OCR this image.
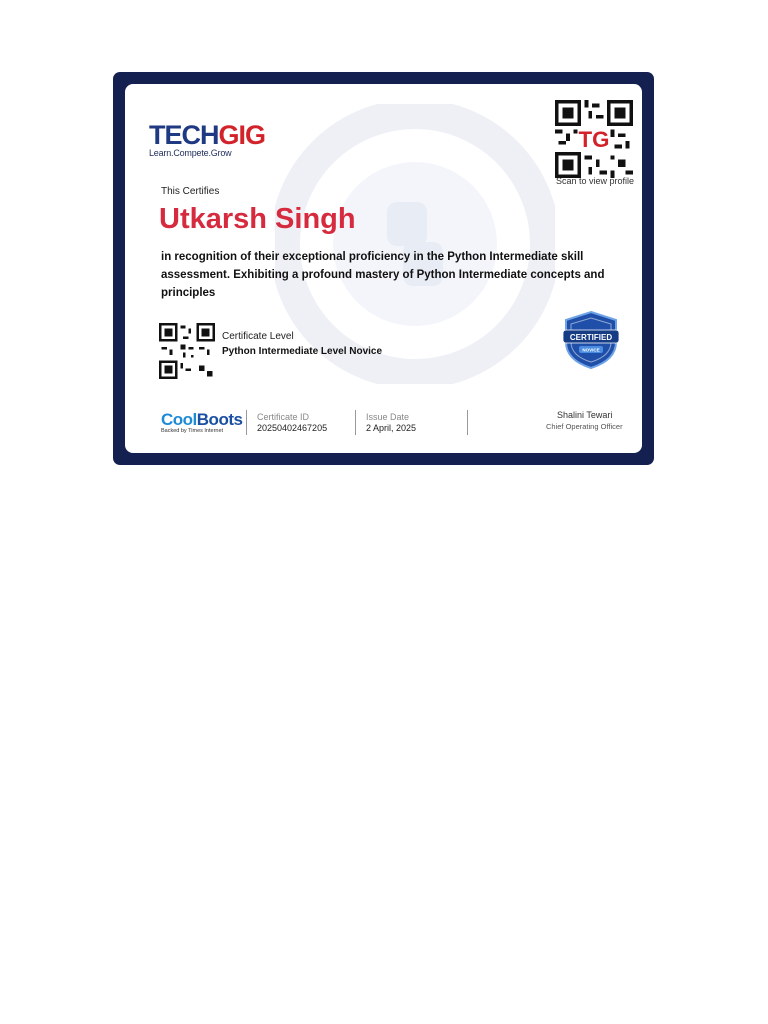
TECHGIG
Learn.Compete.Grow
TG
Scan to view profile
This Certifies
Utkarsh Singh
in recognition of their exceptional proficiency in the Python Intermediate skill assessment. Exhibiting a profound mastery of Python Intermediate concepts and principles
Certificate Level
Python Intermediate Level Novice
CERTIFIED
NOVICE
CoolBoots
Backed by Times Internet
Certificate ID
20250402467205
Issue Date
2 April, 2025
Shalini Tewari
Chief Operating Officer
